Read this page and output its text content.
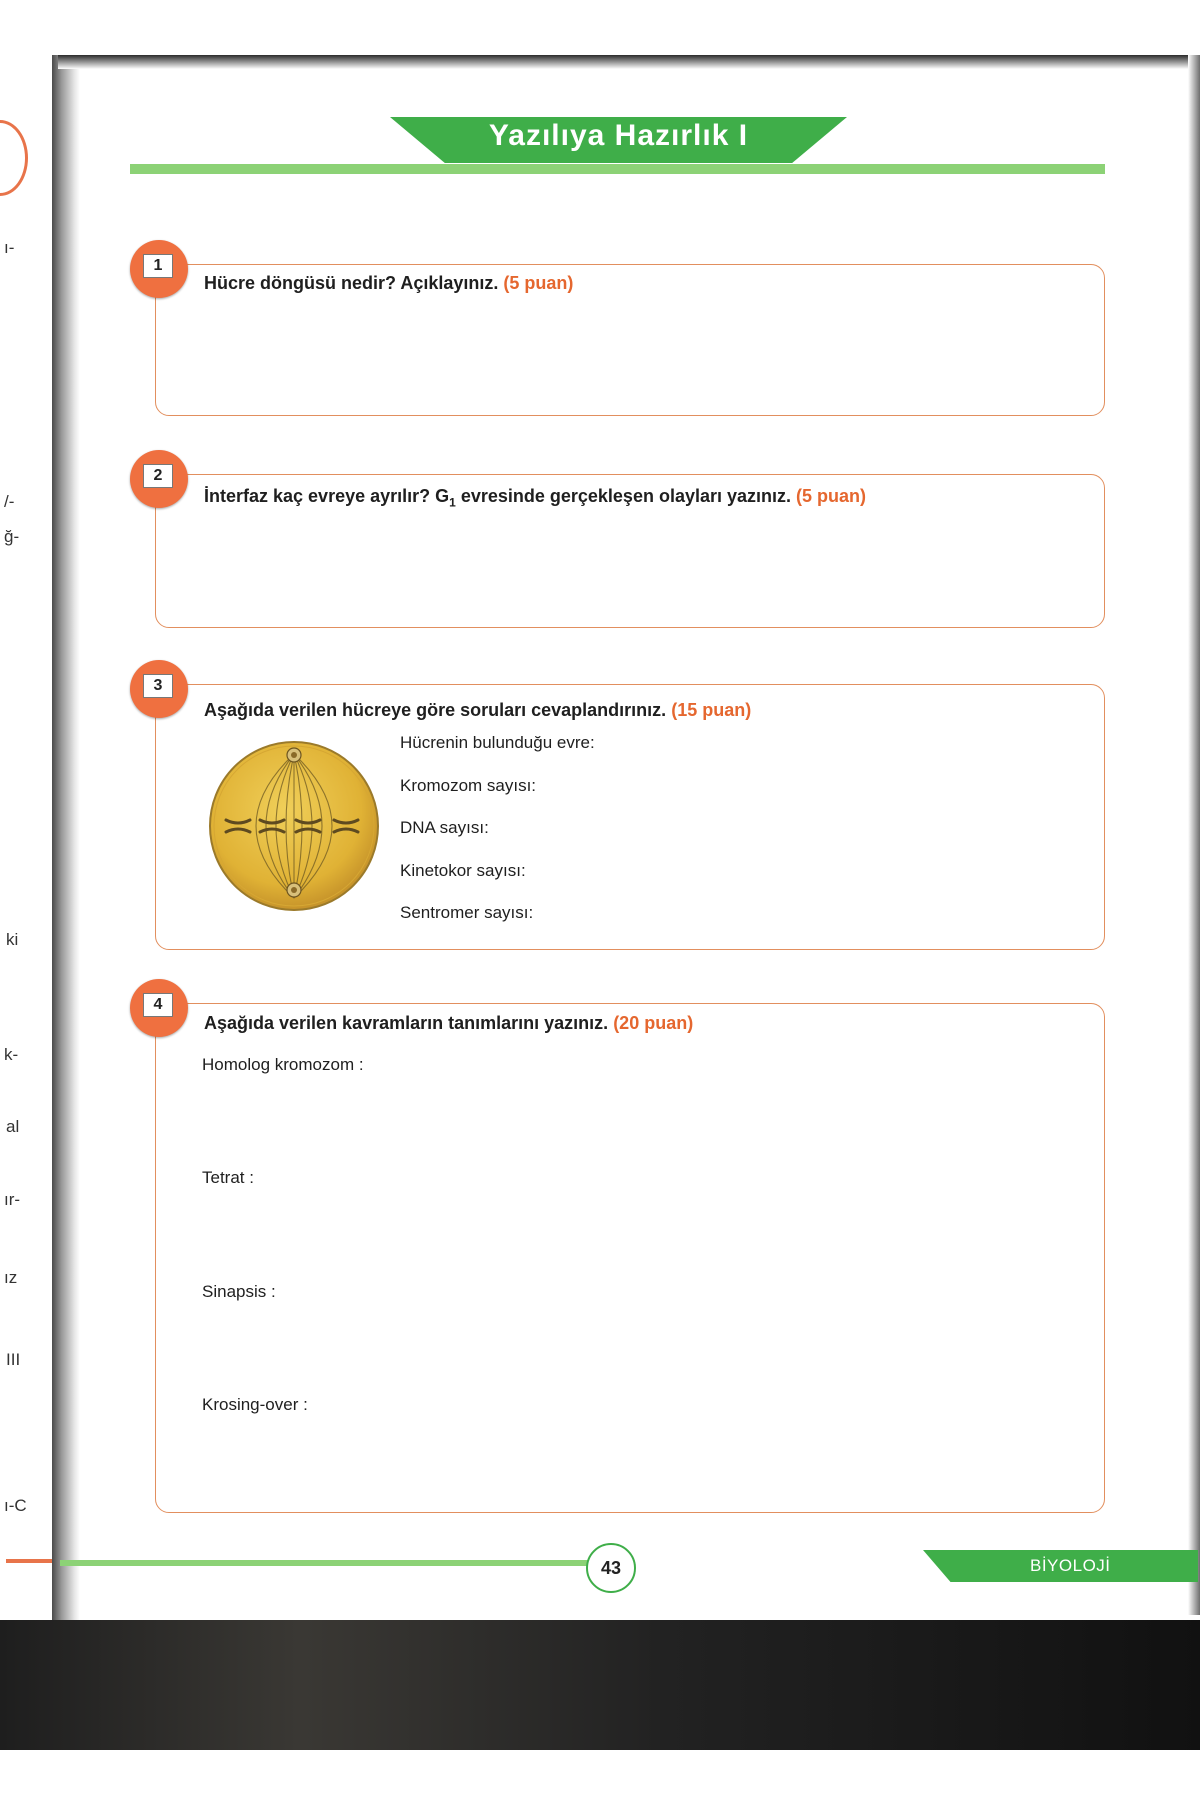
ı-
/-
ğ-
ki
k-
al
ır-
ız
III
ı-C
Yazılıya Hazırlık I
1
Hücre döngüsü nedir? Açıklayınız. (5 puan)
2
İnterfaz kaç evreye ayrılır? $G_1$ evresinde gerçekleşen olayları yazınız. (5 puan)
3
Aşağıda verilen hücreye göre soruları cevaplandırınız. (15 puan)
Hücrenin bulunduğu evre:
Kromozom sayısı:
DNA sayısı:
Kinetokor sayısı:
Sentromer sayısı:
4
Aşağıda verilen kavramların tanımlarını yazınız. (20 puan)
Homolog kromozom :
Tetrat :
Sinapsis :
Krosing-over :
43	BİYOLOJİ
